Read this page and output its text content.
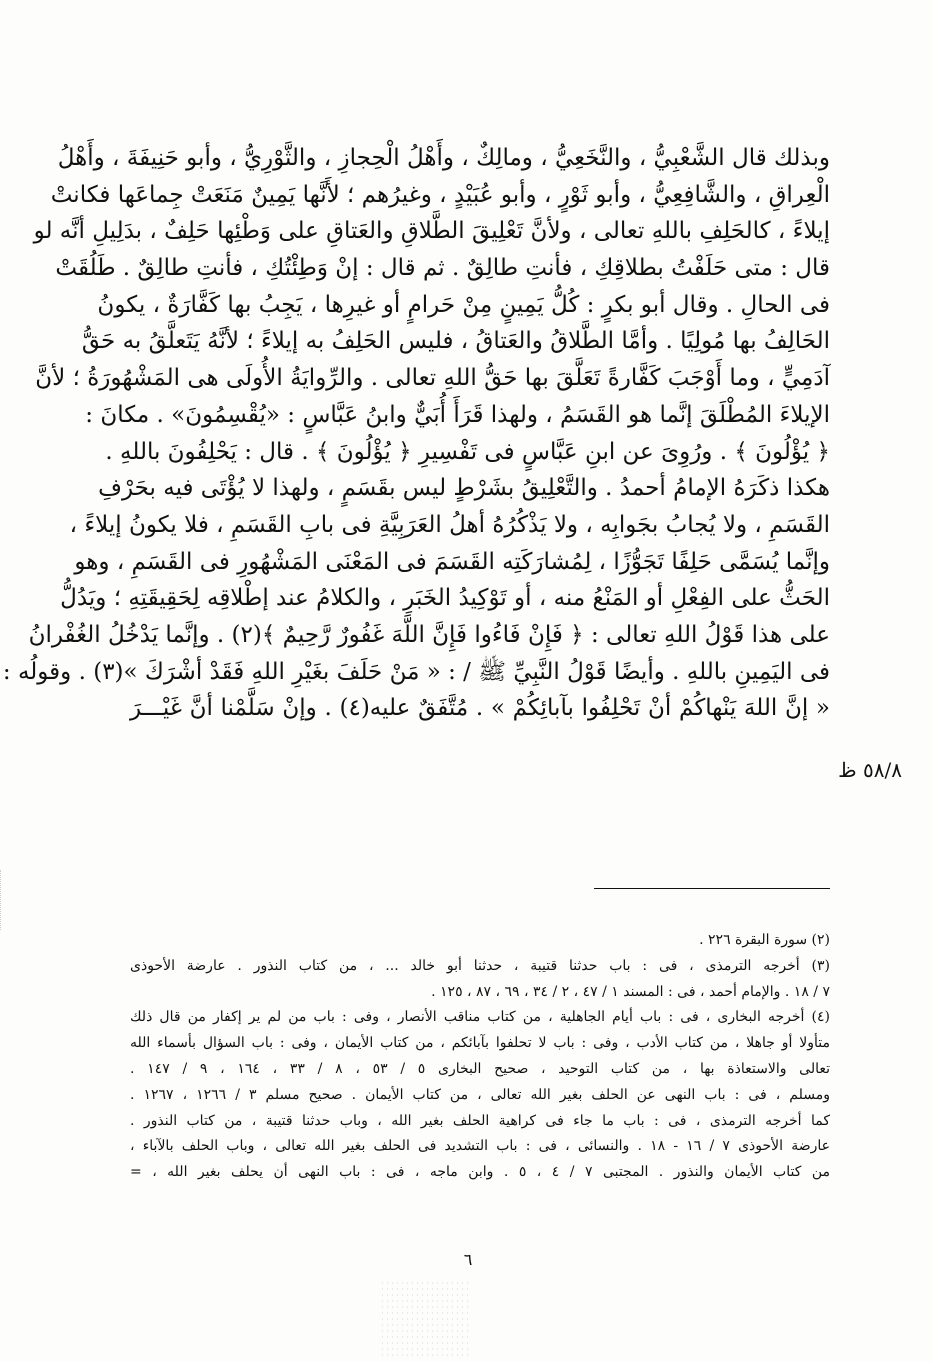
وبذلك قال الشَّعْبِيُّ ، والنَّخَعِيُّ ، ومالِكٌ ، وأَهْلُ الْحِجازِ ، والثَّوْرِيُّ ، وأبو حَنِيفَةَ ، وأَهْلُ
الْعِراقِ ، والشَّافِعِيُّ ، وأبو ثَوْرٍ ، وأبو عُبَيْدٍ ، وغيرُهم ؛ لأَنَّها يَمِينٌ مَنَعَتْ جِماعَها فكانتْ
إيلاءً ، كالحَلِفِ باللهِ تعالى ، ولأنَّ تَعْلِيقَ الطَّلاقِ والعَتاقِ على وَطْئِها حَلِفٌ ، بدَلِيلِ أنَّه لو
قال : متى حَلَفْتُ بطلاقِكِ ، فأنتِ طالِقٌ . ثم قال : إنْ وَطِئْتُكِ ، فأنتِ طالِقٌ . طَلُقَتْ
فى الحالِ . وقال أبو بكرٍ : كُلُّ يَمِينٍ مِنْ حَرامٍ أو غيرِها ، يَجِبُ بها كَفَّارَةٌ ، يكونُ
الحَالِفُ بها مُولِيًا . وأمَّا الطَّلاقُ والعَتاقُ ، فليس الحَلِفُ به إيلاءً ؛ لأنَّهُ يَتَعلَّقُ به حَقُّ
آدَمِيٍّ ، وما أَوْجَبَ كَفَّارةً تَعَلَّقَ بها حَقُّ اللهِ تعالى . والرِّوايَةُ الأُولَى هى المَشْهُورَةُ ؛ لأنَّ
الإيلاءَ المُطْلَقَ إنَّما هو القَسَمُ ، ولهذا قَرَأَ أُبَيٌّ وابنُ عَبَّاسٍ : «يُقْسِمُونَ» . مكانَ :
﴿ يُؤْلُونَ ﴾ . ورُوِىَ عن ابنِ عَبَّاسٍ فى تَفْسِيرِ ﴿ يُؤْلُونَ ﴾ . قال : يَحْلِفُونَ باللهِ .
هكذا ذكَرَهُ الإمامُ أحمدُ . والتَّعْلِيقُ بشَرْطٍ ليس بقَسَمٍ ، ولهذا لا يُؤْتَى فيه بحَرْفِ
القَسَمِ ، ولا يُجابُ بجَوابِه ، ولا يَذْكُرُهُ أهلُ العَرَبِيَّةِ فى بابِ القَسَمِ ، فلا يكونُ إيلاءً ،
وإنَّما يُسَمَّى حَلِفًا تَجَوُّزًا ، لِمُشارَكَتِه القَسَمَ فى المَعْنَى المَشْهُورِ فى القَسَمِ ، وهو
الحَثُّ على الفِعْلِ أو المَنْعُ منه ، أو تَوْكِيدُ الخَبَرِ ، والكلامُ عند إطْلاقِه لِحَقِيقَتِهِ ؛ ويَدُلُّ
على هذا قَوْلُ اللهِ تعالى : ﴿ فَإِنْ فَاءُوا فَإِنَّ اللَّهَ غَفُورٌ رَّحِيمٌ ﴾(٢) . وإنَّما يَدْخُلُ الغُفْرانُ
فى اليَمِينِ باللهِ . وأيضًا قَوْلُ النَّبِيِّ ﷺ / : « مَنْ حَلَفَ بغَيْرِ اللهِ فَقَدْ أشْرَكَ »(٣) . وقولُه :
« إنَّ اللهَ يَنْهاكُمْ أنْ تَحْلِفُوا بآبائِكُمْ » . مُتَّفَقٌ عليه(٤) . وإنْ سَلَّمْنا أنَّ غَيْـــرَ
٥٨/٨ ظ
(٢) سورة البقرة ٢٢٦ .
(٣) أخرجه الترمذى ، فى : باب حدثنا قتيبة ، حدثنا أبو خالد ... ، من كتاب النذور . عارضة الأحوذى
٧ / ١٨ . والإمام أحمد ، فى : المسند ١ / ٤٧ ، ٢ / ٣٤ ، ٦٩ ، ٨٧ ، ١٢٥ .
(٤) أخرجه البخارى ، فى : باب أيام الجاهلية ، من كتاب مناقب الأنصار ، وفى : باب من لم ير إكفار من قال ذلك
متأولا أو جاهلا ، من كتاب الأدب ، وفى : باب لا تحلفوا بآبائكم ، من كتاب الأيمان ، وفى : باب السؤال بأسماء الله
تعالى والاستعاذة بها ، من كتاب التوحيد ، صحيح البخارى ٥ / ٥٣ ، ٨ / ٣٣ ، ١٦٤ ، ٩ / ١٤٧ .
ومسلم ، فى : باب النهى عن الحلف بغير الله تعالى ، من كتاب الأيمان . صحيح مسلم ٣ / ١٢٦٦ ، ١٢٦٧ .
كما أخرجه الترمذى ، فى : باب ما جاء فى كراهية الحلف بغير الله ، وباب حدثنا قتيبة ، من كتاب النذور .
عارضة الأحوذى ٧ / ١٦ - ١٨ . والنسائى ، فى : باب التشديد فى الحلف بغير الله تعالى ، وباب الحلف بالآباء ،
من كتاب الأيمان والنذور . المجتبى ٧ / ٤ ، ٥ . وابن ماجه ، فى : باب النهى أن يحلف بغير الله ، =
٦
